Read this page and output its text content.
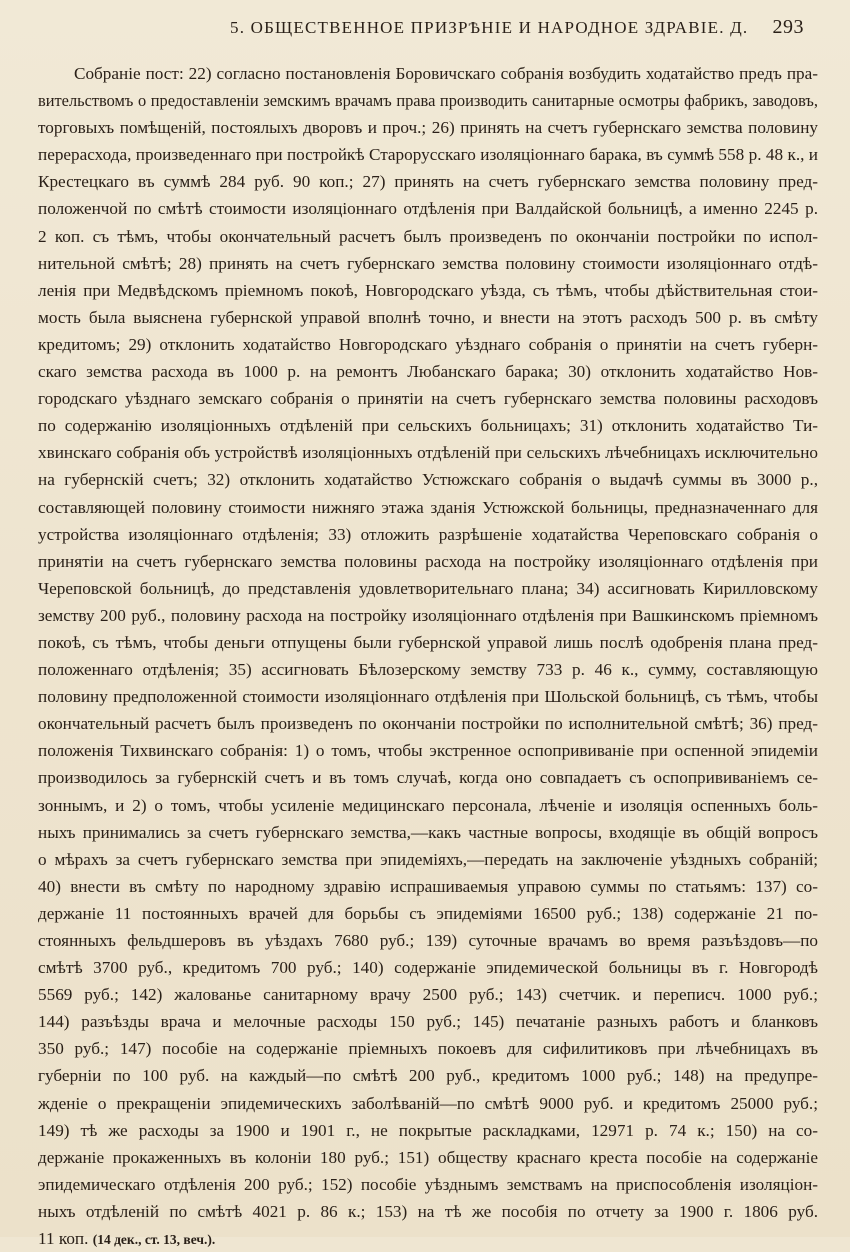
5. ОБЩЕСТВЕННОЕ ПРИЗРѢНІЕ И НАРОДНОЕ ЗДРАВІЕ. Д. 293
Собраніе пост: 22) согласно постановленія Боровичскаго собранія возбудить ходатайство предъ пра-
вительствомъ о предоставленіи земскимъ врачамъ права производить санитарные осмотры фабрикъ, заводовъ,
торговыхъ помѣщеній, постоялыхъ дворовъ и проч.; 26) принять на счетъ губернскаго земства половину
перерасхода, произведеннаго при постройкѣ Старорусскаго изоляціоннаго барака, въ суммѣ 558 р. 48 к., и
Крестецкаго въ суммѣ 284 руб. 90 коп.; 27) принять на счетъ губернскаго земства половину пред-
положенчой по смѣтѣ стоимости изоляціоннаго отдѣленія при Валдайской больницѣ, а именно 2245 р.
2 коп. съ тѣмъ, чтобы окончательный расчетъ былъ произведенъ по окончаніи постройки по испол-
нительной смѣтѣ; 28) принять на счетъ губернскаго земства половину стоимости изоляціоннаго отдѣ-
ленія при Медвѣдскомъ пріемномъ покоѣ, Новгородскаго уѣзда, съ тѣмъ, чтобы дѣйствительная стои-
мость была выяснена губернской управой вполнѣ точно, и внести на этотъ расходъ 500 р. въ смѣту
кредитомъ; 29) отклонить ходатайство Новгородскаго уѣзднаго собранія о принятіи на счетъ губерн-
скаго земства расхода въ 1000 р. на ремонтъ Любанскаго барака; 30) отклонить ходатайство Нов-
городскаго уѣзднаго земскаго собранія о принятіи на счетъ губернскаго земства половины расходовъ
по содержанію изоляціонныхъ отдѣленій при сельскихъ больницахъ; 31) отклонить ходатайство Ти-
хвинскаго собранія объ устройствѣ изоляціонныхъ отдѣленій при сельскихъ лѣчебницахъ исключительно
на губернскій счетъ; 32) отклонить ходатайство Устюжскаго собранія о выдачѣ суммы въ 3000 р.,
составляющей половину стоимости нижняго этажа зданія Устюжской больницы, предназначеннаго для
устройства изоляціоннаго отдѣленія; 33) отложить разрѣшеніе ходатайства Череповскаго собранія о
принятіи на счетъ губернскаго земства половины расхода на постройку изоляціоннаго отдѣленія при
Череповской больницѣ, до представленія удовлетворительнаго плана; 34) ассигновать Кирилловскому
земству 200 руб., половину расхода на постройку изоляціоннаго отдѣленія при Вашкинскомъ пріемномъ
покоѣ, съ тѣмъ, чтобы деньги отпущены были губернской управой лишь послѣ одобренія плана пред-
положеннаго отдѣленія; 35) ассигновать Бѣлозерскому земству 733 р. 46 к., сумму, составляющую
половину предположенной стоимости изоляціоннаго отдѣленія при Шольской больницѣ, съ тѣмъ, чтобы
окончательный расчетъ былъ произведенъ по окончаніи постройки по исполнительной смѣтѣ; 36) пред-
положенія Тихвинскаго собранія: 1) о томъ, чтобы экстренное оспопрививаніе при оспенной эпидеміи
производилось за губернскій счетъ и въ томъ случаѣ, когда оно совпадаетъ съ оспопрививаніемъ се-
зоннымъ, и 2) о томъ, чтобы усиленіе медицинскаго персонала, лѣченіе и изоляція оспенныхъ боль-
ныхъ принимались за счетъ губернскаго земства,—какъ частные вопросы, входящіе въ общій вопросъ
о мѣрахъ за счетъ губернскаго земства при эпидеміяхъ,—передать на заключеніе уѣздныхъ собраній;
40) внести въ смѣту по народному здравію испрашиваемыя управою суммы по статьямъ: 137) со-
держаніе 11 постоянныхъ врачей для борьбы съ эпидеміями 16500 руб.; 138) содержаніе 21 по-
стоянныхъ фельдшеровъ въ уѣздахъ 7680 руб.; 139) суточные врачамъ во время разъѣздовъ—по
смѣтѣ 3700 руб., кредитомъ 700 руб.; 140) содержаніе эпидемической больницы въ г. Новгородѣ
5569 руб.; 142) жалованье санитарному врачу 2500 руб.; 143) счетчик. и переписч. 1000 руб.;
144) разъѣзды врача и мелочные расходы 150 руб.; 145) печатаніе разныхъ работъ и бланковъ
350 руб.; 147) пособіе на содержаніе пріемныхъ покоевъ для сифилитиковъ при лѣчебницахъ въ
губерніи по 100 руб. на каждый—по смѣтѣ 200 руб., кредитомъ 1000 руб.; 148) на предупре-
жденіе о прекращеніи эпидемическихъ заболѣваній—по смѣтѣ 9000 руб. и кредитомъ 25000 руб.;
149) тѣ же расходы за 1900 и 1901 г., не покрытые раскладками, 12971 р. 74 к.; 150) на со-
держаніе прокаженныхъ въ колоніи 180 руб.; 151) обществу краснаго креста пособіе на содержаніе
эпидемическаго отдѣленія 200 руб.; 152) пособіе уѣзднымъ земствамъ на приспособленія изоляціон-
ныхъ отдѣленій по смѣтѣ 4021 р. 86 к.; 153) на тѣ же пособія по отчету за 1900 г. 1806 руб.
11 коп. (14 дек., ст. 13, веч.).
